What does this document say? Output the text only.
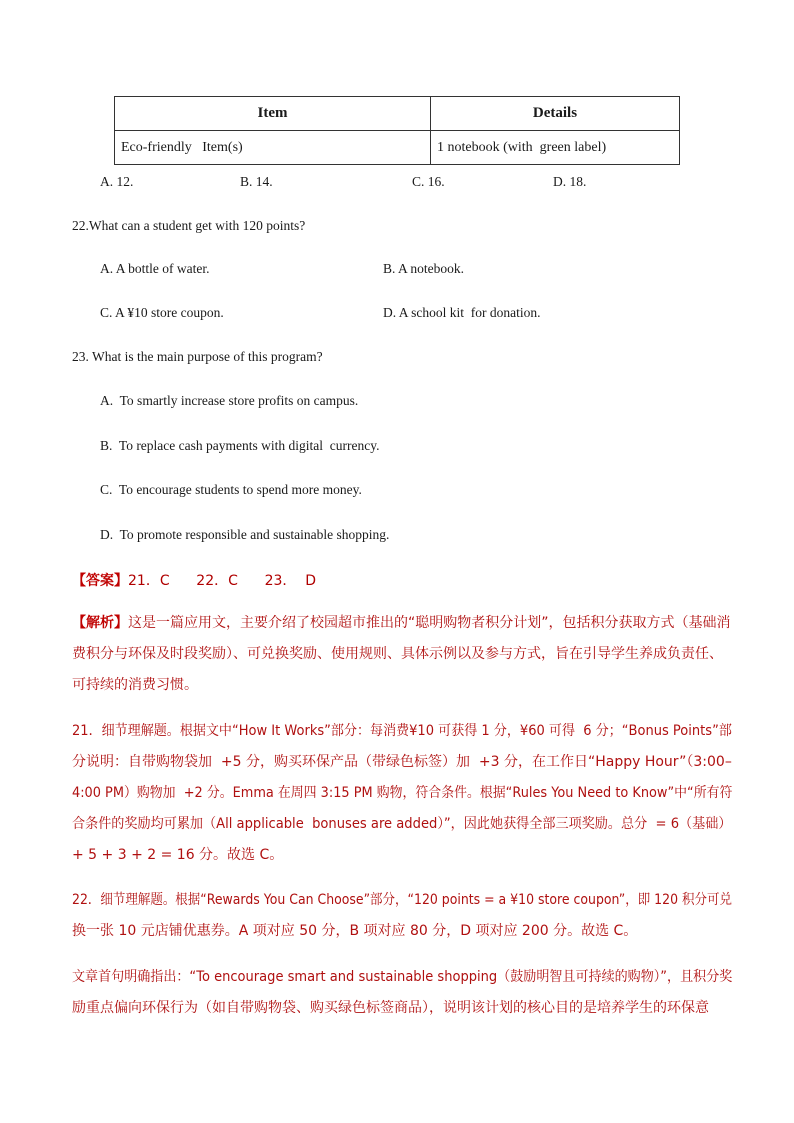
Item	Details
Eco-friendly   Item(s)	1 notebook (with  green label)
A. 12.	B. 14.	C. 16.	D. 18.
22.What can a student get with 120 points?
A. A bottle of water.	B. A notebook.
C. A ¥10 store coupon.	D. A school kit  for donation.
23. What is the main purpose of this program?
A.  To smartly increase store profits on campus.
B.  To replace cash payments with digital  currency.
C.  To encourage students to spend more money.
D.  To promote responsible and sustainable shopping.
【答案】21．C      22．C      23．  D
【解析】这是一篇应用文，主要介绍了校园超市推出的“聪明购物者积分计划”，包括积分获取方式（基础消
费积分与环保及时段奖励）、可兑换奖励、使用规则、具体示例以及参与方式，旨在引导学生养成负责任、
可持续的消费习惯。
21．细节理解题。根据文中“How It Works”部分：每消费¥10 可获得 1 分，¥60 可得  6 分；“Bonus Points”部
分说明：自带购物袋加  +5 分，购买环保产品（带绿色标签）加  +3 分，在工作日“Happy Hour”（3:00–
4:00 PM）购物加  +2 分。Emma 在周四 3:15 PM 购物，符合条件。根据“Rules You Need to Know”中“所有符
合条件的奖励均可累加（All applicable  bonuses are added）”，因此她获得全部三项奖励。总分  = 6（基础）
+ 5 + 3 + 2 = 16 分。故选 C。
22．细节理解题。根据“Rewards You Can Choose”部分，“120 points = a ¥10 store coupon”，即 120 积分可兑
换一张 10 元店铺优惠券。A 项对应 50 分，B 项对应 80 分，D 项对应 200 分。故选 C。
文章首句明确指出：“To encourage smart and sustainable shopping（鼓励明智且可持续的购物）”，且积分奖
励重点偏向环保行为（如自带购物袋、购买绿色标签商品），说明该计划的核心目的是培养学生的环保意
